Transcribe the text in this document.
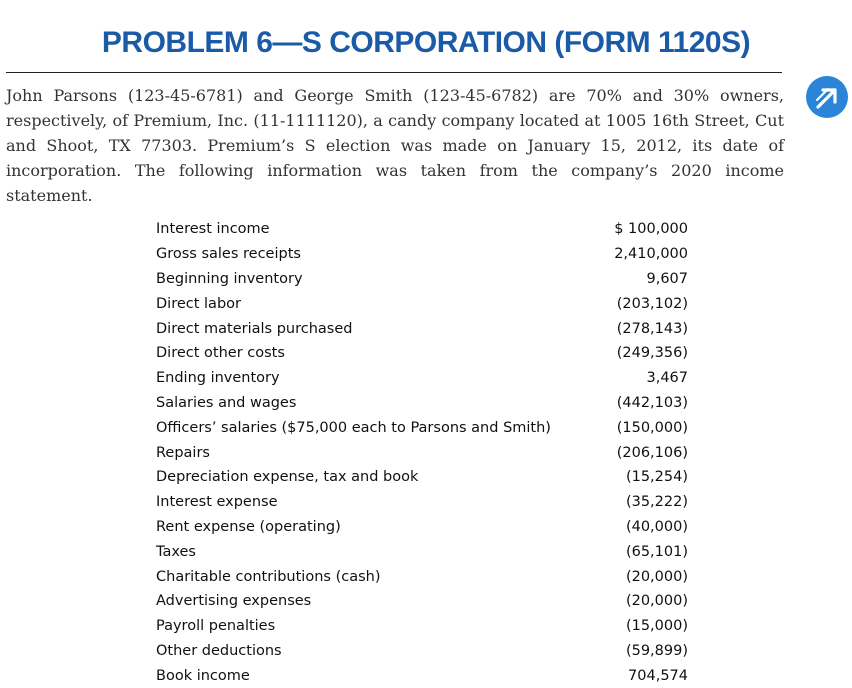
PROBLEM 6—S CORPORATION (FORM 1120S)

John Parsons (123-45-6781) and George Smith (123-45-6782) are 70% and 30% owners, respectively, of Premium, Inc. (11-1111120), a candy company located at 1005 16th Street, Cut and Shoot, TX 77303. Premium’s S election was made on January 15, 2012, its date of incorporation. The following information was taken from the company’s 2020 income statement.

Interest income	$ 100,000
Gross sales receipts	2,410,000
Beginning inventory	9,607
Direct labor	(203,102)
Direct materials purchased	(278,143)
Direct other costs	(249,356)
Ending inventory	3,467
Salaries and wages	(442,103)
Officers’ salaries ($75,000 each to Parsons and Smith)	(150,000)
Repairs	(206,106)
Depreciation expense, tax and book	(15,254)
Interest expense	(35,222)
Rent expense (operating)	(40,000)
Taxes	(65,101)
Charitable contributions (cash)	(20,000)
Advertising expenses	(20,000)
Payroll penalties	(15,000)
Other deductions	(59,899)
Book income	704,574
